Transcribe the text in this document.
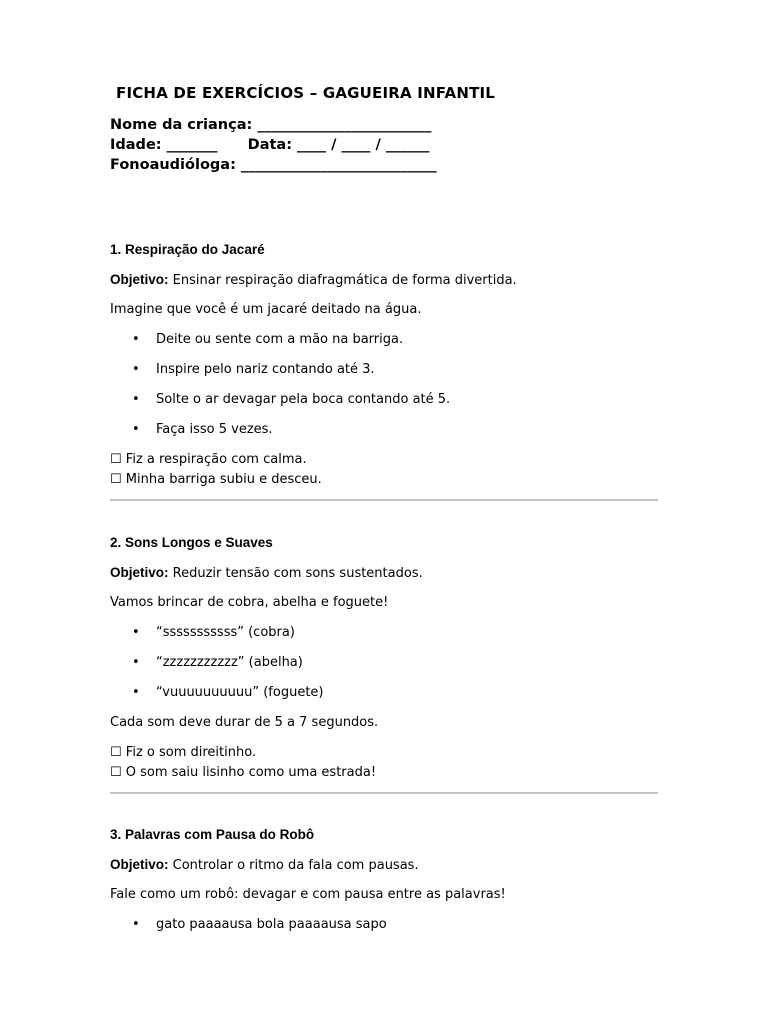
FICHA DE EXERCÍCIOS – GAGUEIRA INFANTIL
Nome da criança: ________________________
Idade: _______      Data: ____ / ____ / ______
Fonoaudióloga: ___________________________
1. Respiração do Jacaré

Objetivo: Ensinar respiração diafragmática de forma divertida.

Imagine que você é um jacaré deitado na água.

• Deite ou sente com a mão na barriga.
• Inspire pelo nariz contando até 3.
• Solte o ar devagar pela boca contando até 5.
• Faça isso 5 vezes.
☐ Fiz a respiração com calma.
☐ Minha barriga subiu e desceu.
2. Sons Longos e Suaves

Objetivo: Reduzir tensão com sons sustentados.

Vamos brincar de cobra, abelha e foguete!

• “sssssssssss” (cobra)
• “zzzzzzzzzzz” (abelha)
• “vuuuuuuuuuu” (foguete)

Cada som deve durar de 5 a 7 segundos.

☐ Fiz o som direitinho.
☐ O som saiu lisinho como uma estrada!
3. Palavras com Pausa do Robô

Objetivo: Controlar o ritmo da fala com pausas.

Fale como um robô: devagar e com pausa entre as palavras!

• gato paaaausa bola paaaausa sapo
